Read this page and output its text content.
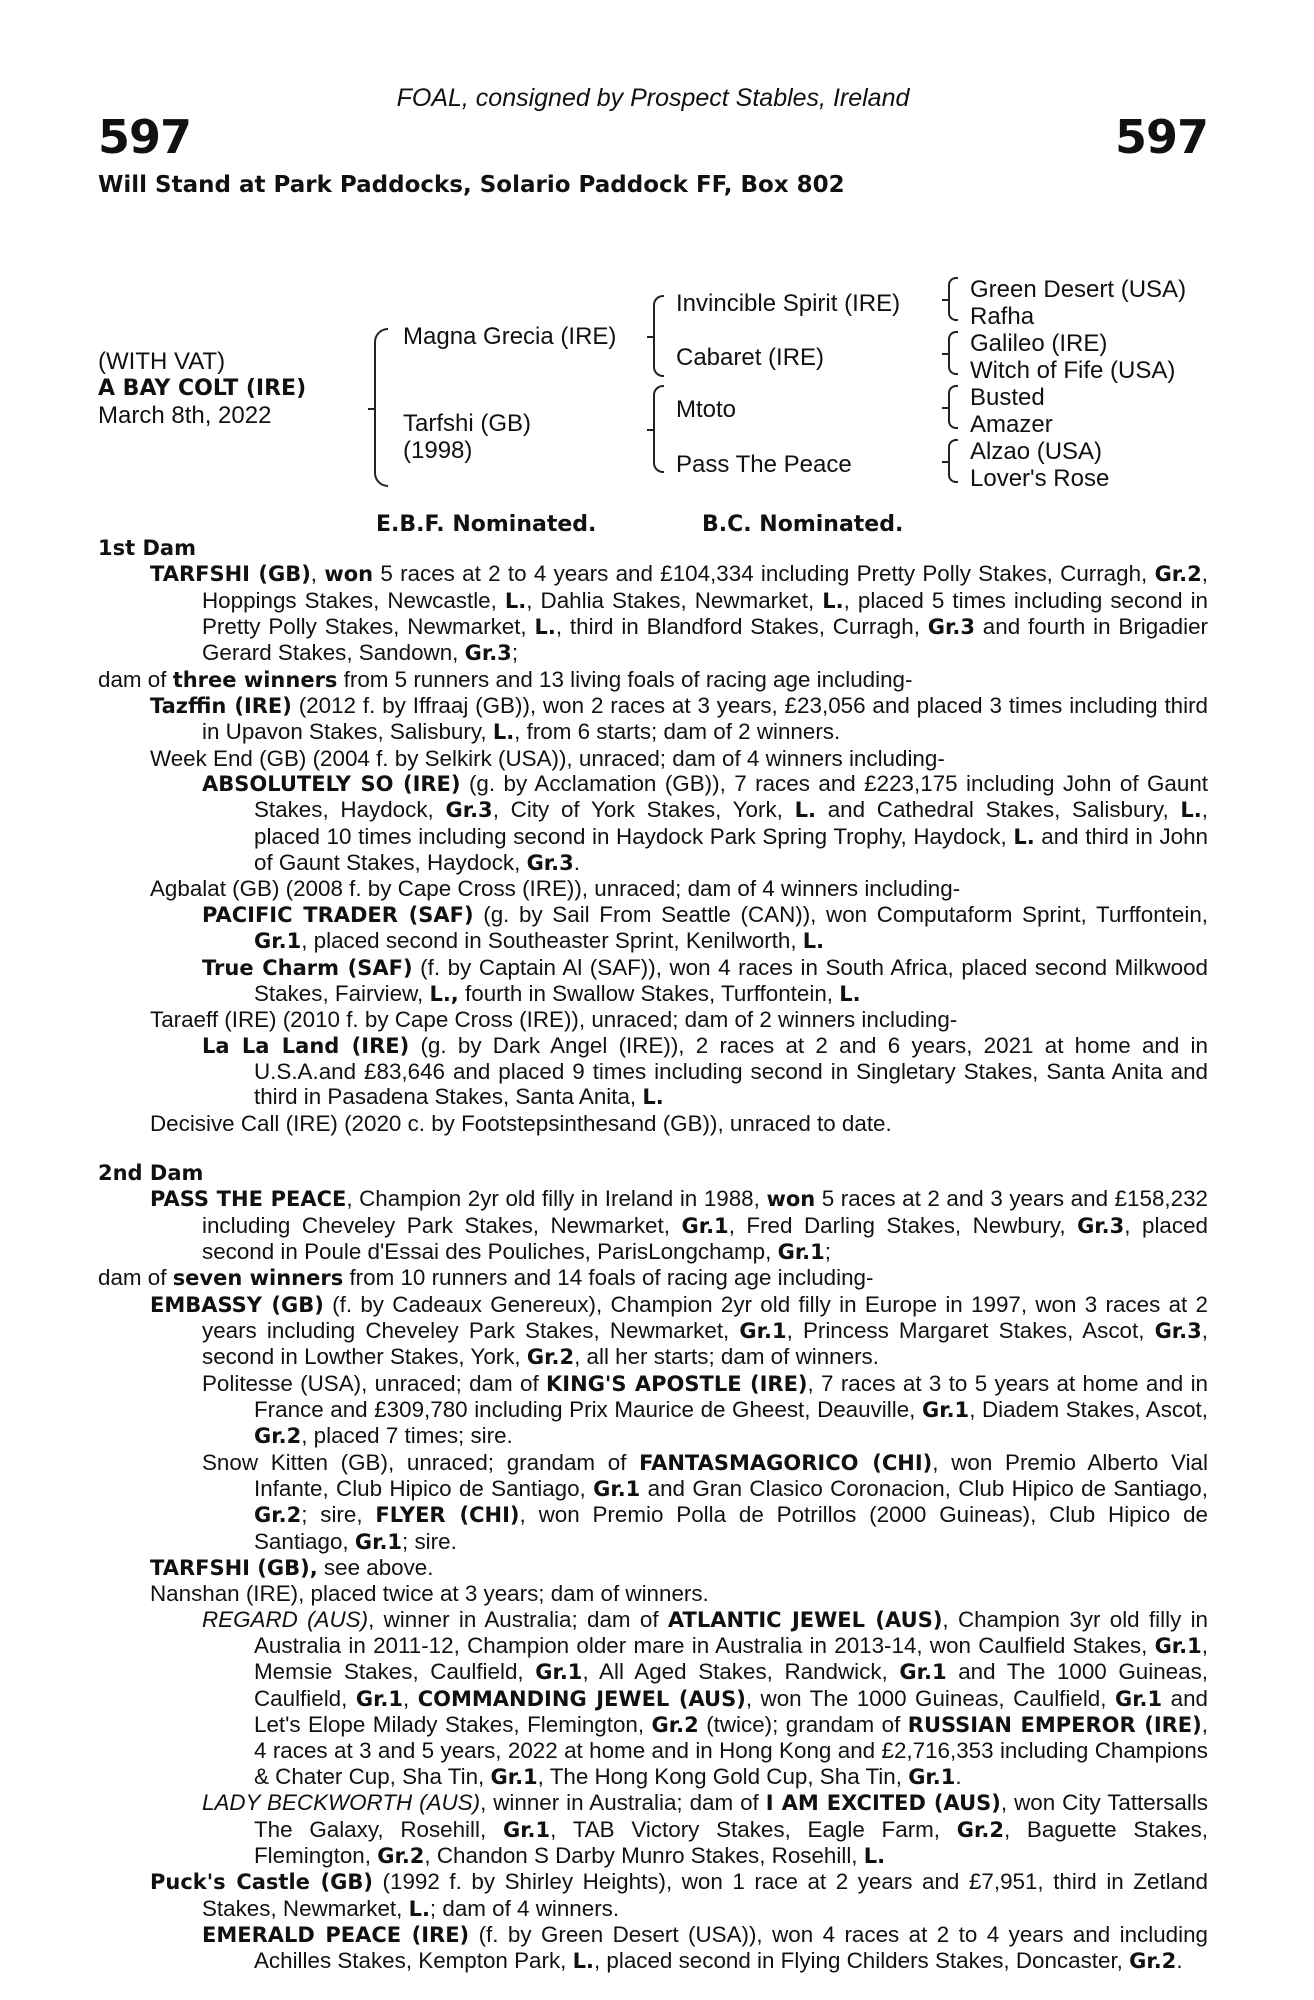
FOAL, consigned by Prospect Stables, Ireland
597	597
Will Stand at Park Paddocks, Solario Paddock FF, Box 802
(WITH VAT)
A BAY COLT (IRE)
March 8th, 2022
Magna Grecia (IRE)
Tarfshi (GB)
(1998)
Invincible Spirit (IRE)
Cabaret (IRE)
Mtoto
Pass The Peace
Green Desert (USA)
Rafha
Galileo (IRE)
Witch of Fife (USA)
Busted
Amazer
Alzao (USA)
Lover's Rose
E.B.F. Nominated.	B.C. Nominated.
1st Dam
TARFSHI (GB), won 5 races at 2 to 4 years and £104,334 including Pretty Polly Stakes, Curragh, Gr.2, Hoppings Stakes, Newcastle, L., Dahlia Stakes, Newmarket, L., placed 5 times including second in Pretty Polly Stakes, Newmarket, L., third in Blandford Stakes, Curragh, Gr.3 and fourth in Brigadier Gerard Stakes, Sandown, Gr.3;
dam of three winners from 5 runners and 13 living foals of racing age including-
Tazffin (IRE) (2012 f. by Iffraaj (GB)), won 2 races at 3 years, £23,056 and placed 3 times including third in Upavon Stakes, Salisbury, L., from 6 starts; dam of 2 winners.
Week End (GB) (2004 f. by Selkirk (USA)), unraced; dam of 4 winners including-
ABSOLUTELY SO (IRE) (g. by Acclamation (GB)), 7 races and £223,175 including John of Gaunt Stakes, Haydock, Gr.3, City of York Stakes, York, L. and Cathedral Stakes, Salisbury, L., placed 10 times including second in Haydock Park Spring Trophy, Haydock, L. and third in John of Gaunt Stakes, Haydock, Gr.3.
Agbalat (GB) (2008 f. by Cape Cross (IRE)), unraced; dam of 4 winners including-
PACIFIC TRADER (SAF) (g. by Sail From Seattle (CAN)), won Computaform Sprint, Turffontein, Gr.1, placed second in Southeaster Sprint, Kenilworth, L.
True Charm (SAF) (f. by Captain Al (SAF)), won 4 races in South Africa, placed second Milkwood Stakes, Fairview, L., fourth in Swallow Stakes, Turffontein, L.
Taraeff (IRE) (2010 f. by Cape Cross (IRE)), unraced; dam of 2 winners including-
La La Land (IRE) (g. by Dark Angel (IRE)), 2 races at 2 and 6 years, 2021 at home and in U.S.A.and £83,646 and placed 9 times including second in Singletary Stakes, Santa Anita and third in Pasadena Stakes, Santa Anita, L.
Decisive Call (IRE) (2020 c. by Footstepsinthesand (GB)), unraced to date.
2nd Dam
PASS THE PEACE, Champion 2yr old filly in Ireland in 1988, won 5 races at 2 and 3 years and £158,232 including Cheveley Park Stakes, Newmarket, Gr.1, Fred Darling Stakes, Newbury, Gr.3, placed second in Poule d'Essai des Pouliches, ParisLongchamp, Gr.1;
dam of seven winners from 10 runners and 14 foals of racing age including-
EMBASSY (GB) (f. by Cadeaux Genereux), Champion 2yr old filly in Europe in 1997, won 3 races at 2 years including Cheveley Park Stakes, Newmarket, Gr.1, Princess Margaret Stakes, Ascot, Gr.3, second in Lowther Stakes, York, Gr.2, all her starts; dam of winners.
Politesse (USA), unraced; dam of KING'S APOSTLE (IRE), 7 races at 3 to 5 years at home and in France and £309,780 including Prix Maurice de Gheest, Deauville, Gr.1, Diadem Stakes, Ascot, Gr.2, placed 7 times; sire.
Snow Kitten (GB), unraced; grandam of FANTASMAGORICO (CHI), won Premio Alberto Vial Infante, Club Hipico de Santiago, Gr.1 and Gran Clasico Coronacion, Club Hipico de Santiago, Gr.2; sire, FLYER (CHI), won Premio Polla de Potrillos (2000 Guineas), Club Hipico de Santiago, Gr.1; sire.
TARFSHI (GB), see above.
Nanshan (IRE), placed twice at 3 years; dam of winners.
REGARD (AUS), winner in Australia; dam of ATLANTIC JEWEL (AUS), Champion 3yr old filly in Australia in 2011-12, Champion older mare in Australia in 2013-14, won Caulfield Stakes, Gr.1, Memsie Stakes, Caulfield, Gr.1, All Aged Stakes, Randwick, Gr.1 and The 1000 Guineas, Caulfield, Gr.1, COMMANDING JEWEL (AUS), won The 1000 Guineas, Caulfield, Gr.1 and Let's Elope Milady Stakes, Flemington, Gr.2 (twice); grandam of RUSSIAN EMPEROR (IRE), 4 races at 3 and 5 years, 2022 at home and in Hong Kong and £2,716,353 including Champions & Chater Cup, Sha Tin, Gr.1, The Hong Kong Gold Cup, Sha Tin, Gr.1.
LADY BECKWORTH (AUS), winner in Australia; dam of I AM EXCITED (AUS), won City Tattersalls The Galaxy, Rosehill, Gr.1, TAB Victory Stakes, Eagle Farm, Gr.2, Baguette Stakes, Flemington, Gr.2, Chandon S Darby Munro Stakes, Rosehill, L.
Puck's Castle (GB) (1992 f. by Shirley Heights), won 1 race at 2 years and £7,951, third in Zetland Stakes, Newmarket, L.; dam of 4 winners.
EMERALD PEACE (IRE) (f. by Green Desert (USA)), won 4 races at 2 to 4 years and including Achilles Stakes, Kempton Park, L., placed second in Flying Childers Stakes, Doncaster, Gr.2.
